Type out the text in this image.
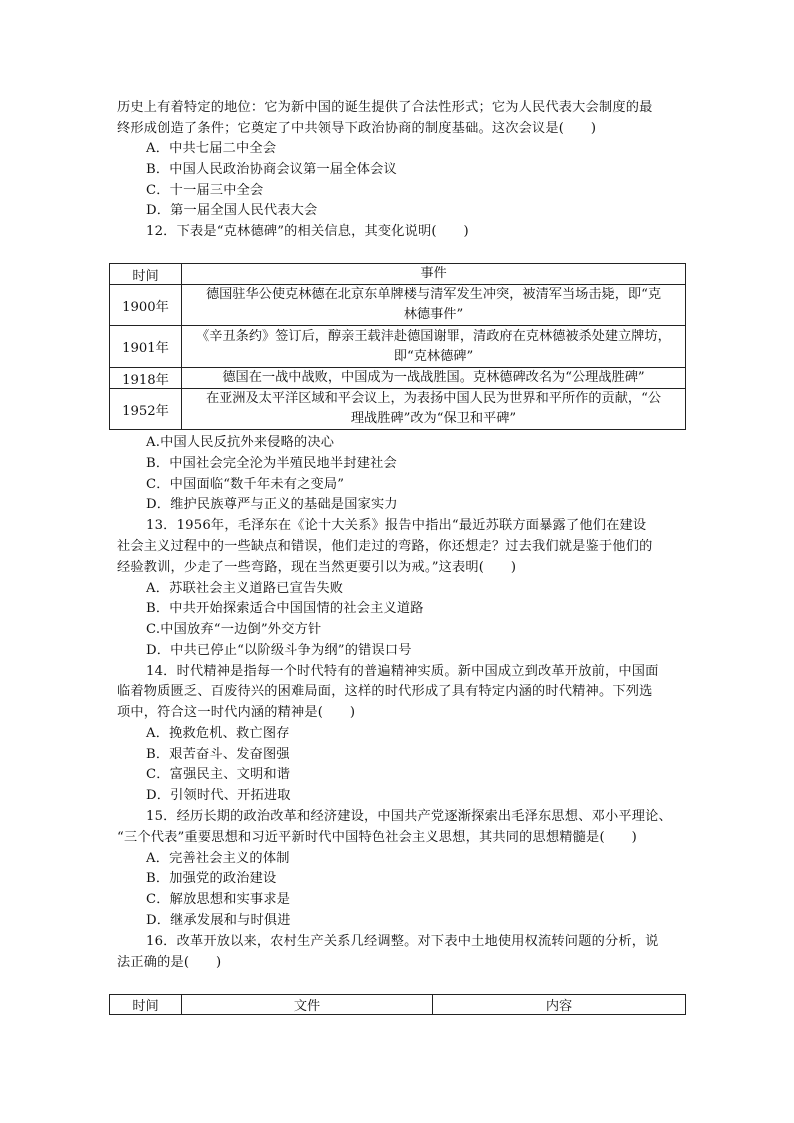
历史上有着特定的地位：它为新中国的诞生提供了合法性形式；它为人民代表大会制度的最
终形成创造了条件；它奠定了中共领导下政治协商的制度基础。这次会议是(　　)
A．中共七届二中全会
B．中国人民政治协商会议第一届全体会议
C．十一届三中全会
D．第一届全国人民代表大会
12．下表是“克林德碑”的相关信息，其变化说明(　　)
时间	事件
1900年	德国驻华公使克林德在北京东单牌楼与清军发生冲突，被清军当场击毙，即“克
林德事件”

1901年	《辛丑条约》签订后，醇亲王载沣赴德国谢罪，清政府在克林德被杀处建立牌坊，
即“克林德碑”

1918年	德国在一战中战败，中国成为一战战胜国。克林德碑改名为“公理战胜碑”

1952年	在亚洲及太平洋区域和平会议上，为表扬中国人民为世界和平所作的贡献，“公
理战胜碑”改为“保卫和平碑”
A.中国人民反抗外来侵略的决心
B．中国社会完全沦为半殖民地半封建社会
C．中国面临“数千年未有之变局”
D．维护民族尊严与正义的基础是国家实力
13．1956年，毛泽东在《论十大关系》报告中指出“最近苏联方面暴露了他们在建设
社会主义过程中的一些缺点和错误，他们走过的弯路，你还想走？过去我们就是鉴于他们的
经验教训，少走了一些弯路，现在当然更要引以为戒。”这表明(　　)
A．苏联社会主义道路已宣告失败
B．中共开始探索适合中国国情的社会主义道路
C.中国放弃“一边倒”外交方针
D．中共已停止“以阶级斗争为纲”的错误口号
14．时代精神是指每一个时代特有的普遍精神实质。新中国成立到改革开放前，中国面
临着物质匮乏、百废待兴的困难局面，这样的时代形成了具有特定内涵的时代精神。下列选
项中，符合这一时代内涵的精神是(　　)
A．挽救危机、救亡图存
B．艰苦奋斗、发奋图强
C．富强民主、文明和谐
D．引领时代、开拓进取
15．经历长期的政治改革和经济建设，中国共产党逐渐探索出毛泽东思想、邓小平理论、
“三个代表”重要思想和习近平新时代中国特色社会主义思想，其共同的思想精髓是(　　)
A．完善社会主义的体制
B．加强党的政治建设
C．解放思想和实事求是
D．继承发展和与时俱进
16．改革开放以来，农村生产关系几经调整。对下表中土地使用权流转问题的分析，说
法正确的是(　　)
时间	文件	内容
